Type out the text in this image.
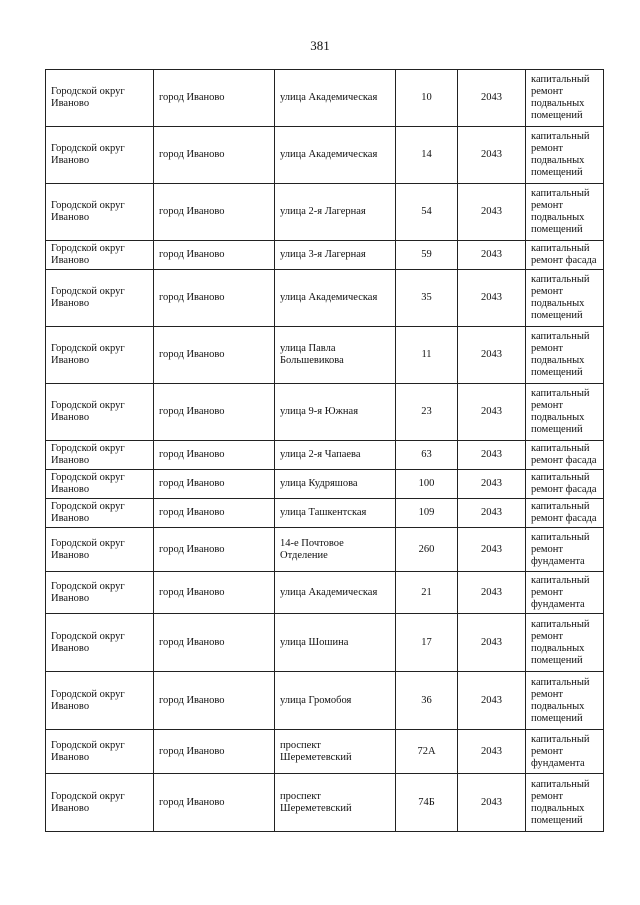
381
Городской округ Иваново	город Иваново	улица Академическая	10	2043	капитальный ремонт подвальных помещений
Городской округ Иваново	город Иваново	улица Академическая	14	2043	капитальный ремонт подвальных помещений
Городской округ Иваново	город Иваново	улица 2-я Лагерная	54	2043	капитальный ремонт подвальных помещений
Городской округ Иваново	город Иваново	улица 3-я Лагерная	59	2043	капитальный ремонт фасада
Городской округ Иваново	город Иваново	улица Академическая	35	2043	капитальный ремонт подвальных помещений
Городской округ Иваново	город Иваново	улица Павла Большевикова	11	2043	капитальный ремонт подвальных помещений
Городской округ Иваново	город Иваново	улица 9-я Южная	23	2043	капитальный ремонт подвальных помещений
Городской округ Иваново	город Иваново	улица 2-я Чапаева	63	2043	капитальный ремонт фасада
Городской округ Иваново	город Иваново	улица Кудряшова	100	2043	капитальный ремонт фасада
Городской округ Иваново	город Иваново	улица Ташкентская	109	2043	капитальный ремонт фасада
Городской округ Иваново	город Иваново	14-е Почтовое Отделение	260	2043	капитальный ремонт фундамента
Городской округ Иваново	город Иваново	улица Академическая	21	2043	капитальный ремонт фундамента
Городской округ Иваново	город Иваново	улица Шошина	17	2043	капитальный ремонт подвальных помещений
Городской округ Иваново	город Иваново	улица Громобоя	36	2043	капитальный ремонт подвальных помещений
Городской округ Иваново	город Иваново	проспект Шереметевский	72А	2043	капитальный ремонт фундамента
Городской округ Иваново	город Иваново	проспект Шереметевский	74Б	2043	капитальный ремонт подвальных помещений
